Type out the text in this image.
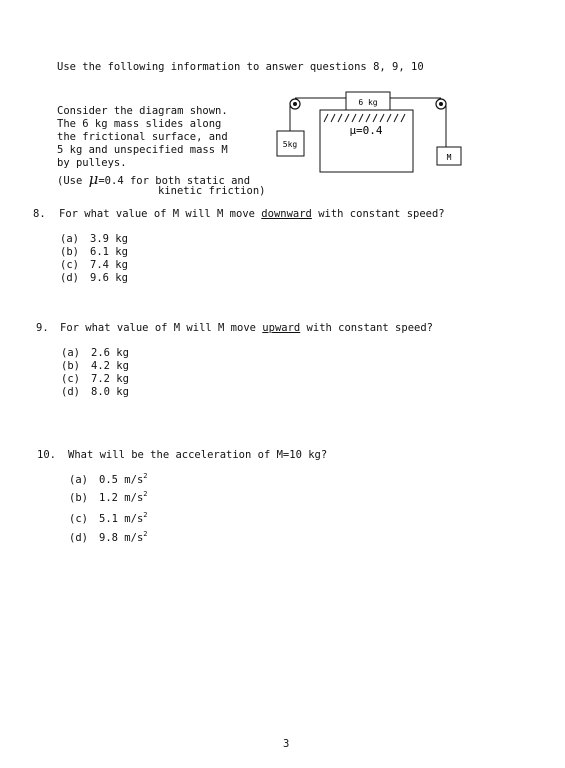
Use the following information to answer questions 8, 9, 10
Consider the diagram shown.
The 6 kg mass slides along
the frictional surface, and
5 kg and unspecified mass M
by pulleys.
(Use μ=0.4 for both static and
kinetic friction)
6 kg
5kg
M
μ=0.4
8. For what value of M will M move downward with constant speed?
(a) 3.9 kg
(b) 6.1 kg
(c) 7.4 kg
(d) 9.6 kg
9. For what value of M will M move upward with constant speed?
(a) 2.6 kg
(b) 4.2 kg
(c) 7.2 kg
(d) 8.0 kg
10. What will be the acceleration of M=10 kg?
(a) 0.5 $m/s^2$
(b) 1.2 $m/s^2$
(c) 5.1 $m/s^2$
(d) 9.8 $m/s^2$
3
